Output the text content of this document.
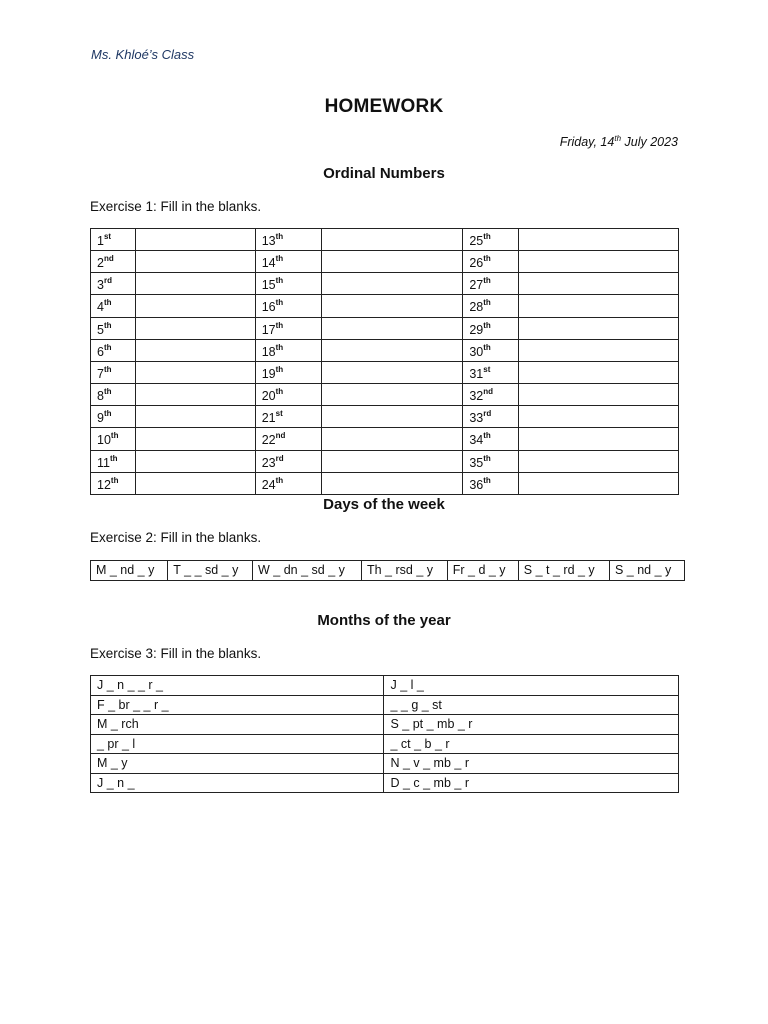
Ms. Khloé’s Class
HOMEWORK
Friday, 14th July 2023
Ordinal Numbers
Exercise 1: Fill in the blanks.
1st		13th		25th	
2nd		14th		26th	
3rd		15th		27th	
4th		16th		28th	
5th		17th		29th	
6th		18th		30th	
7th		19th		31st	
8th		20th		32nd	
9th		21st		33rd	
10th		22nd		34th	
11th		23rd		35th	
12th		24th		36th	
Days of the week
Exercise 2: Fill in the blanks.
M _ nd _ y	T _ _ sd _ y	W _ dn _ sd _ y	Th _ rsd _ y	Fr _ d _ y	S _ t _ rd _ y	S _ nd _ y
Months of the year
Exercise 3: Fill in the blanks.
J _ n _ _ r _	J _ l _
F _ br _ _ r _	_ _ g _ st
M _ rch	S _ pt _ mb _ r
_ pr _ l	_ ct _ b _ r
M _ y	N _ v _ mb _ r
J _ n _	D _ c _ mb _ r
